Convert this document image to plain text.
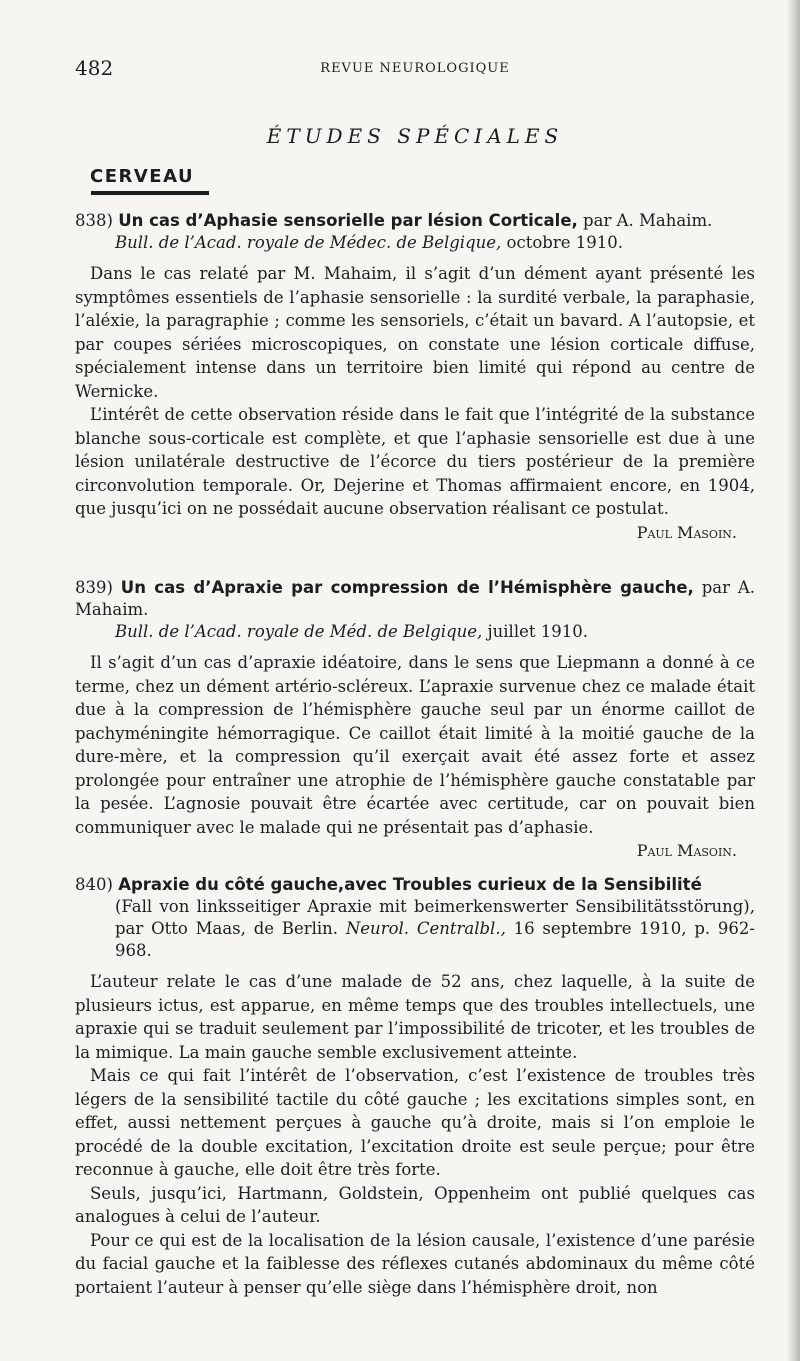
482	REVUE NEUROLOGIQUE
ÉTUDES SPÉCIALES
CERVEAU
838) Un cas d’Aphasie sensorielle par lésion Corticale, par A. Mahaim.
Bull. de l’Acad. royale de Médec. de Belgique, octobre 1910.

Dans le cas relaté par M. Mahaim, il s’agit d’un dément ayant présenté les symptômes essentiels de l’aphasie sensorielle : la surdité verbale, la paraphasie, l’aléxie, la paragraphie ; comme les sensoriels, c’était un bavard. A l’autopsie, et par coupes sériées microscopiques, on constate une lésion corticale diffuse, spécialement intense dans un territoire bien limité qui répond au centre de Wernicke.

L’intérêt de cette observation réside dans le fait que l’intégrité de la substance blanche sous-corticale est complète, et que l’aphasie sensorielle est due à une lésion unilatérale destructive de l’écorce du tiers postérieur de la première circonvolution temporale. Or, Dejerine et Thomas affirmaient encore, en 1904, que jusqu’ici on ne possédait aucune observation réalisant ce postulat.

Paul Masoin.
839) Un cas d’Apraxie par compression de l’Hémisphère gauche, par A. Mahaim.
Bull. de l’Acad. royale de Méd. de Belgique, juillet 1910.

Il s’agit d’un cas d’apraxie idéatoire, dans le sens que Liepmann a donné à ce terme, chez un dément artério-scléreux. L’apraxie survenue chez ce malade était due à la compression de l’hémisphère gauche seul par un énorme caillot de pachyméningite hémorragique. Ce caillot était limité à la moitié gauche de la dure-mère, et la compression qu’il exerçait avait été assez forte et assez prolongée pour entraîner une atrophie de l’hémisphère gauche constatable par la pesée. L’agnosie pouvait être écartée avec certitude, car on pouvait bien communiquer avec le malade qui ne présentait pas d’aphasie.

Paul Masoin.
840) Apraxie du côté gauche,avec Troubles curieux de la Sensibilité
(Fall von linksseitiger Apraxie mit beimerkenswerter Sensibilitätsstörung), par Otto Maas, de Berlin. Neurol. Centralbl., 16 septembre 1910, p. 962-968.

L’auteur relate le cas d’une malade de 52 ans, chez laquelle, à la suite de plusieurs ictus, est apparue, en même temps que des troubles intellectuels, une apraxie qui se traduit seulement par l’impossibilité de tricoter, et les troubles de la mimique. La main gauche semble exclusivement atteinte.

Mais ce qui fait l’intérêt de l’observation, c’est l’existence de troubles très légers de la sensibilité tactile du côté gauche ; les excitations simples sont, en effet, aussi nettement perçues à gauche qu’à droite, mais si l’on emploie le procédé de la double excitation, l’excitation droite est seule perçue; pour être reconnue à gauche, elle doit être très forte.

Seuls, jusqu’ici, Hartmann, Goldstein, Oppenheim ont publié quelques cas analogues à celui de l’auteur.

Pour ce qui est de la localisation de la lésion causale, l’existence d’une parésie du facial gauche et la faiblesse des réflexes cutanés abdominaux du même côté portaient l’auteur à penser qu’elle siège dans l’hémisphère droit, non
